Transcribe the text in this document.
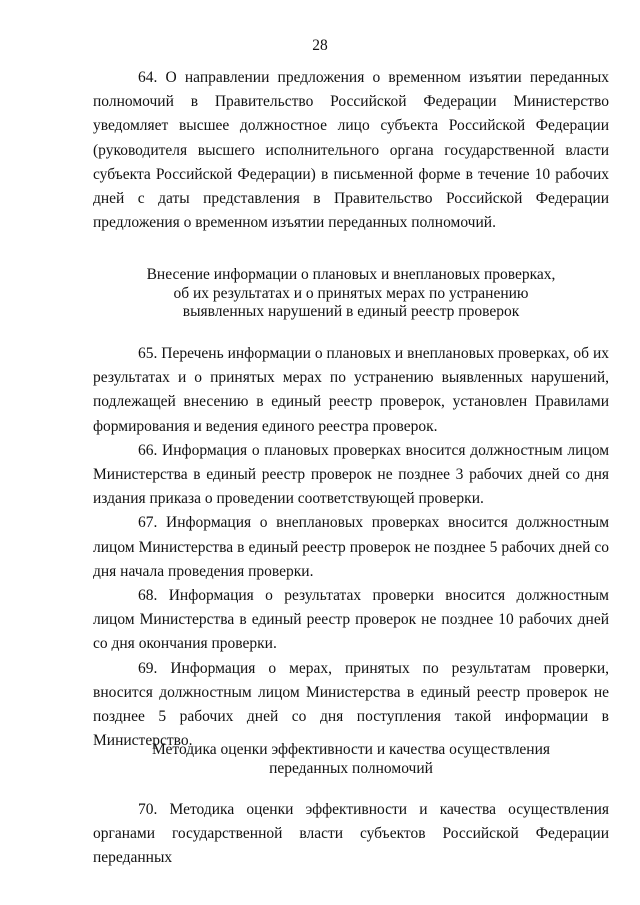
28

64. О направлении предложения о временном изъятии переданных полномочий в Правительство Российской Федерации Министерство уведомляет высшее должностное лицо субъекта Российской Федерации (руководителя высшего исполнительного органа государственной власти субъекта Российской Федерации) в письменной форме в течение 10 рабочих дней с даты представления в Правительство Российской Федерации предложения о временном изъятии переданных полномочий.

Внесение информации о плановых и внеплановых проверках,

об их результатах и о принятых мерах по устранению

выявленных нарушений в единый реестр проверок

65. Перечень информации о плановых и внеплановых проверках, об их результатах и о принятых мерах по устранению выявленных нарушений, подлежащей внесению в единый реестр проверок, установлен Правилами формирования и ведения единого реестра проверок.

66. Информация о плановых проверках вносится должностным лицом Министерства в единый реестр проверок не позднее 3 рабочих дней со дня издания приказа о проведении соответствующей проверки.

67. Информация о внеплановых проверках вносится должностным лицом Министерства в единый реестр проверок не позднее 5 рабочих дней со дня начала проведения проверки.

68. Информация о результатах проверки вносится должностным лицом Министерства в единый реестр проверок не позднее 10 рабочих дней со дня окончания проверки.

69. Информация о мерах, принятых по результатам проверки, вносится должностным лицом Министерства в единый реестр проверок не позднее 5 рабочих дней со дня поступления такой информации в Министерство.

Методика оценки эффективности и качества осуществления

переданных полномочий

70. Методика оценки эффективности и качества осуществления органами государственной власти субъектов Российской Федерации переданных
